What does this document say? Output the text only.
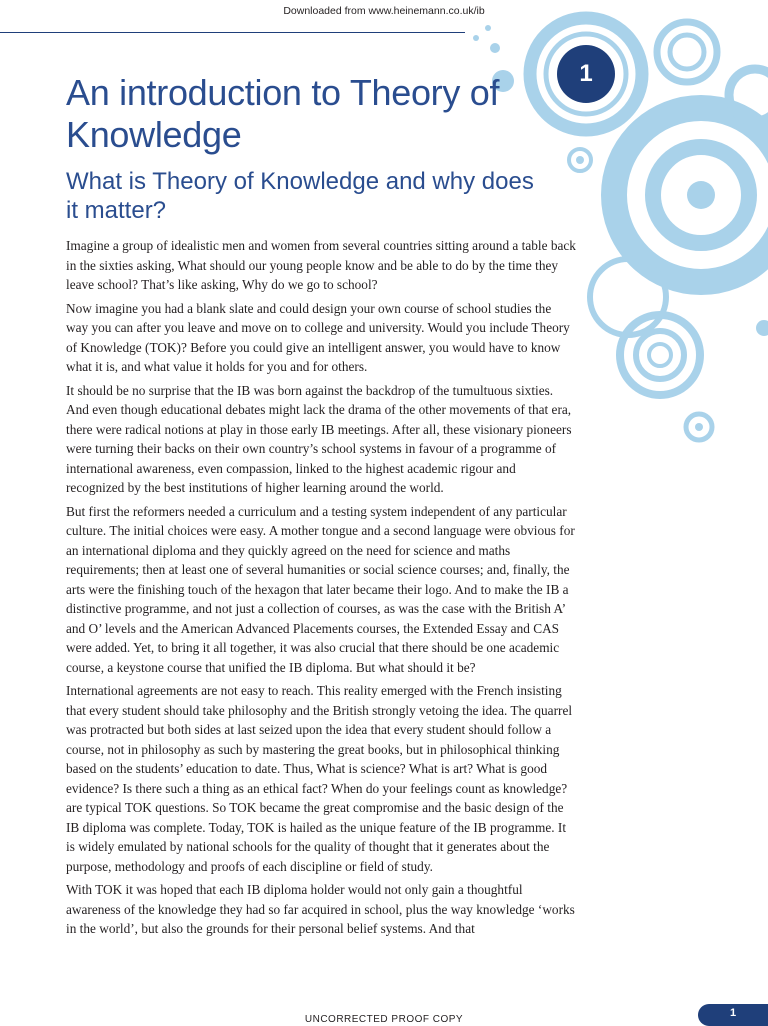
Downloaded from www.heinemann.co.uk/ib
1
An introduction to Theory of Knowledge
What is Theory of Knowledge and why does it matter?

Imagine a group of idealistic men and women from several countries sitting around a table back in the sixties asking, What should our young people know and be able to do by the time they leave school? That’s like asking, Why do we go to school?

Now imagine you had a blank slate and could design your own course of school studies the way you can after you leave and move on to college and university. Would you include Theory of Knowledge (TOK)? Before you could give an intelligent answer, you would have to know what it is, and what value it holds for you and for others.

It should be no surprise that the IB was born against the backdrop of the tumultuous sixties. And even though educational debates might lack the drama of the other movements of that era, there were radical notions at play in those early IB meetings. After all, these visionary pioneers were turning their backs on their own country’s school systems in favour of a programme of international awareness, even compassion, linked to the highest academic rigour and recognized by the best institutions of higher learning around the world.

But first the reformers needed a curriculum and a testing system independent of any particular culture. The initial choices were easy. A mother tongue and a second language were obvious for an international diploma and they quickly agreed on the need for science and maths requirements; then at least one of several humanities or social science courses; and, finally, the arts were the finishing touch of the hexagon that later became their logo. And to make the IB a distinctive programme, and not just a collection of courses, as was the case with the British A’ and O’ levels and the American Advanced Placements courses, the Extended Essay and CAS were added. Yet, to bring it all together, it was also crucial that there should be one academic course, a keystone course that unified the IB diploma. But what should it be?

International agreements are not easy to reach. This reality emerged with the French insisting that every student should take philosophy and the British strongly vetoing the idea. The quarrel was protracted but both sides at last seized upon the idea that every student should follow a course, not in philosophy as such by mastering the great books, but in philosophical thinking based on the students’ education to date. Thus, What is science? What is art? What is good evidence? Is there such a thing as an ethical fact? When do your feelings count as knowledge? are typical TOK questions. So TOK became the great compromise and the basic design of the IB diploma was complete. Today, TOK is hailed as the unique feature of the IB programme. It is widely emulated by national schools for the quality of thought that it generates about the purpose, methodology and proofs of each discipline or field of study.

With TOK it was hoped that each IB diploma holder would not only gain a thoughtful awareness of the knowledge they had so far acquired in school, plus the way knowledge ‘works in the world’, but also the grounds for their personal belief systems. And that

UNCORRECTED PROOF COPY
1
